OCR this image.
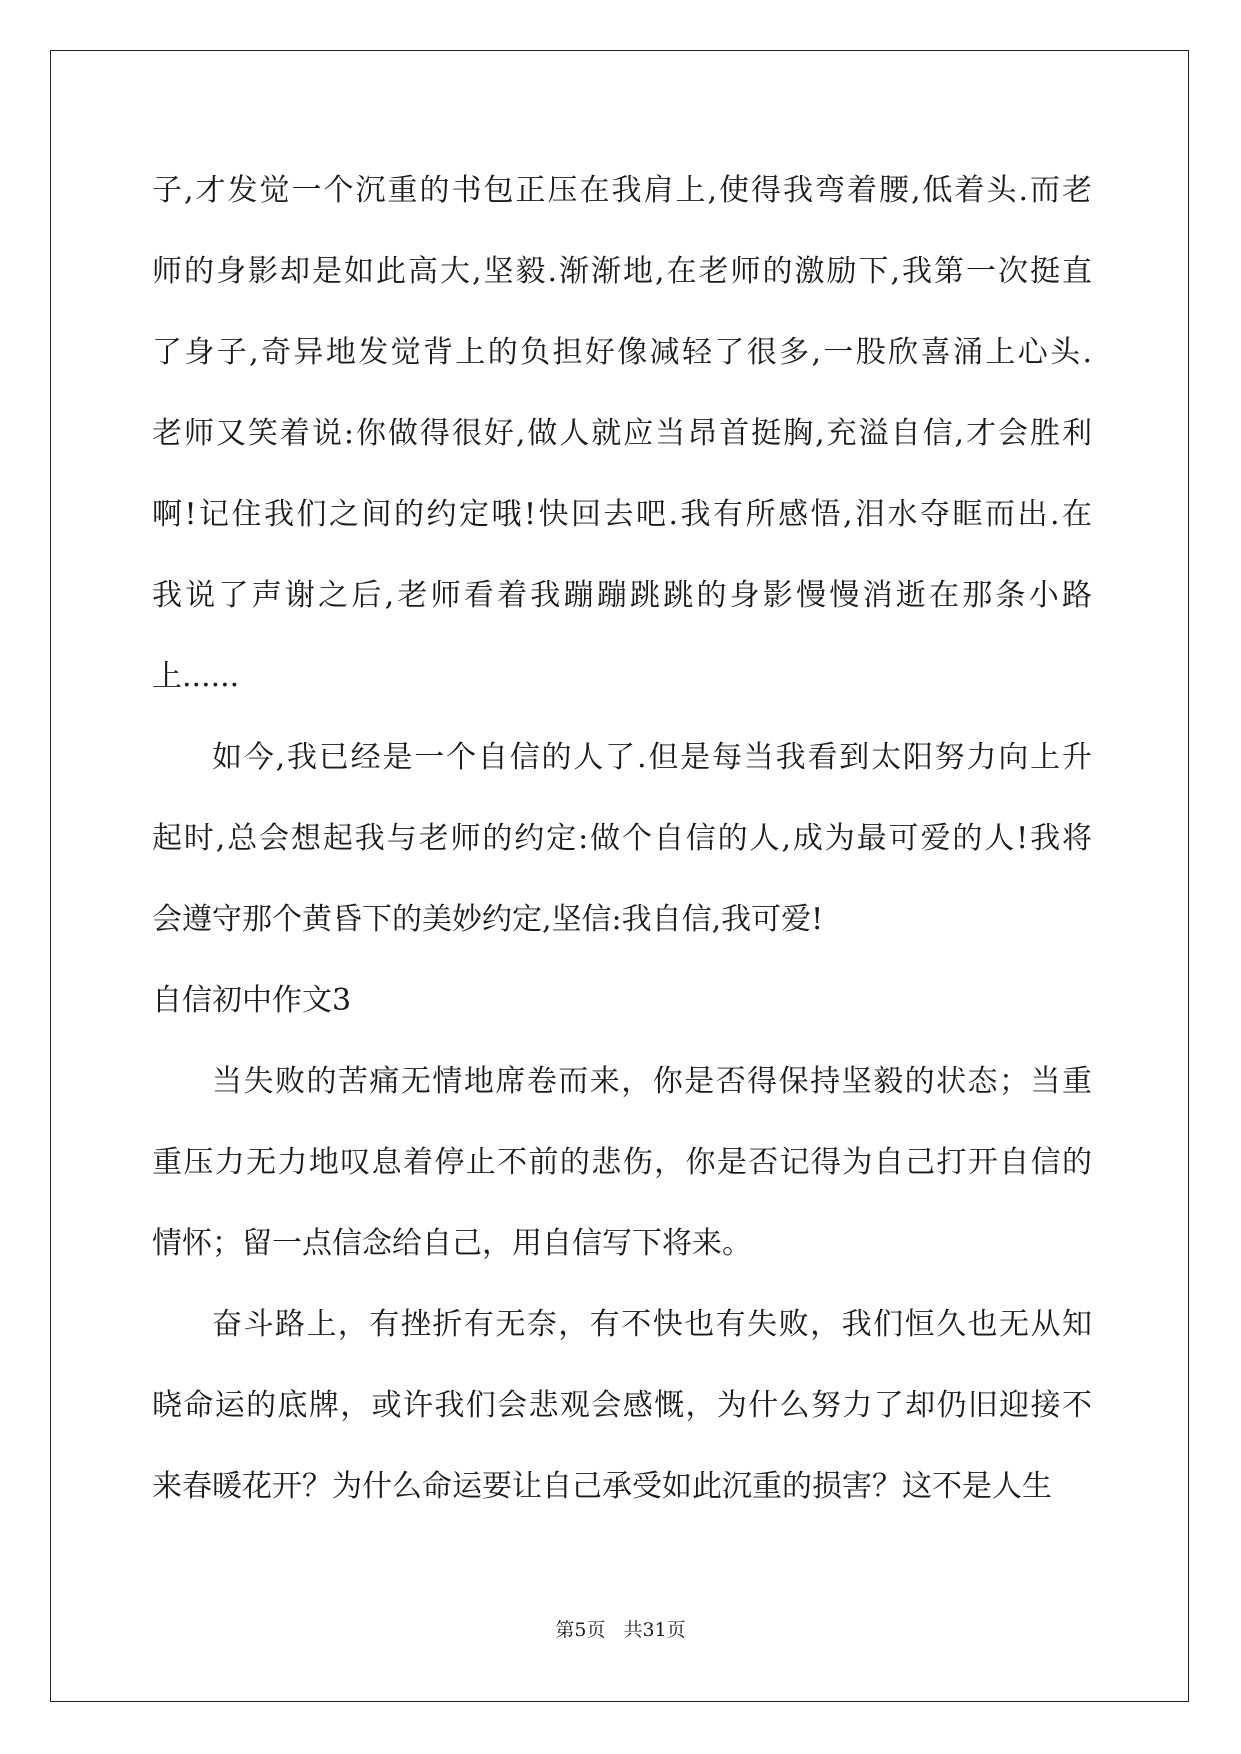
子,才发觉一个沉重的书包正压在我肩上,使得我弯着腰,低着头.而老
师的身影却是如此高大,坚毅.渐渐地,在老师的激励下,我第一次挺直
了身子,奇异地发觉背上的负担好像减轻了很多,一股欣喜涌上心头.
老师又笑着说:你做得很好,做人就应当昂首挺胸,充溢自信,才会胜利
啊!记住我们之间的约定哦!快回去吧.我有所感悟,泪水夺眶而出.在
我说了声谢之后,老师看着我蹦蹦跳跳的身影慢慢消逝在那条小路
上......
如今,我已经是一个自信的人了.但是每当我看到太阳努力向上升
起时,总会想起我与老师的约定:做个自信的人,成为最可爱的人!我将
会遵守那个黄昏下的美妙约定,坚信:我自信,我可爱!
自信初中作文3
当失败的苦痛无情地席卷而来，你是否得保持坚毅的状态；当重
重压力无力地叹息着停止不前的悲伤，你是否记得为自己打开自信的
情怀；留一点信念给自己，用自信写下将来。
奋斗路上，有挫折有无奈，有不快也有失败，我们恒久也无从知
晓命运的底牌，或许我们会悲观会感慨，为什么努力了却仍旧迎接不
来春暖花开？为什么命运要让自己承受如此沉重的损害？这不是人生
第5页 共31页
